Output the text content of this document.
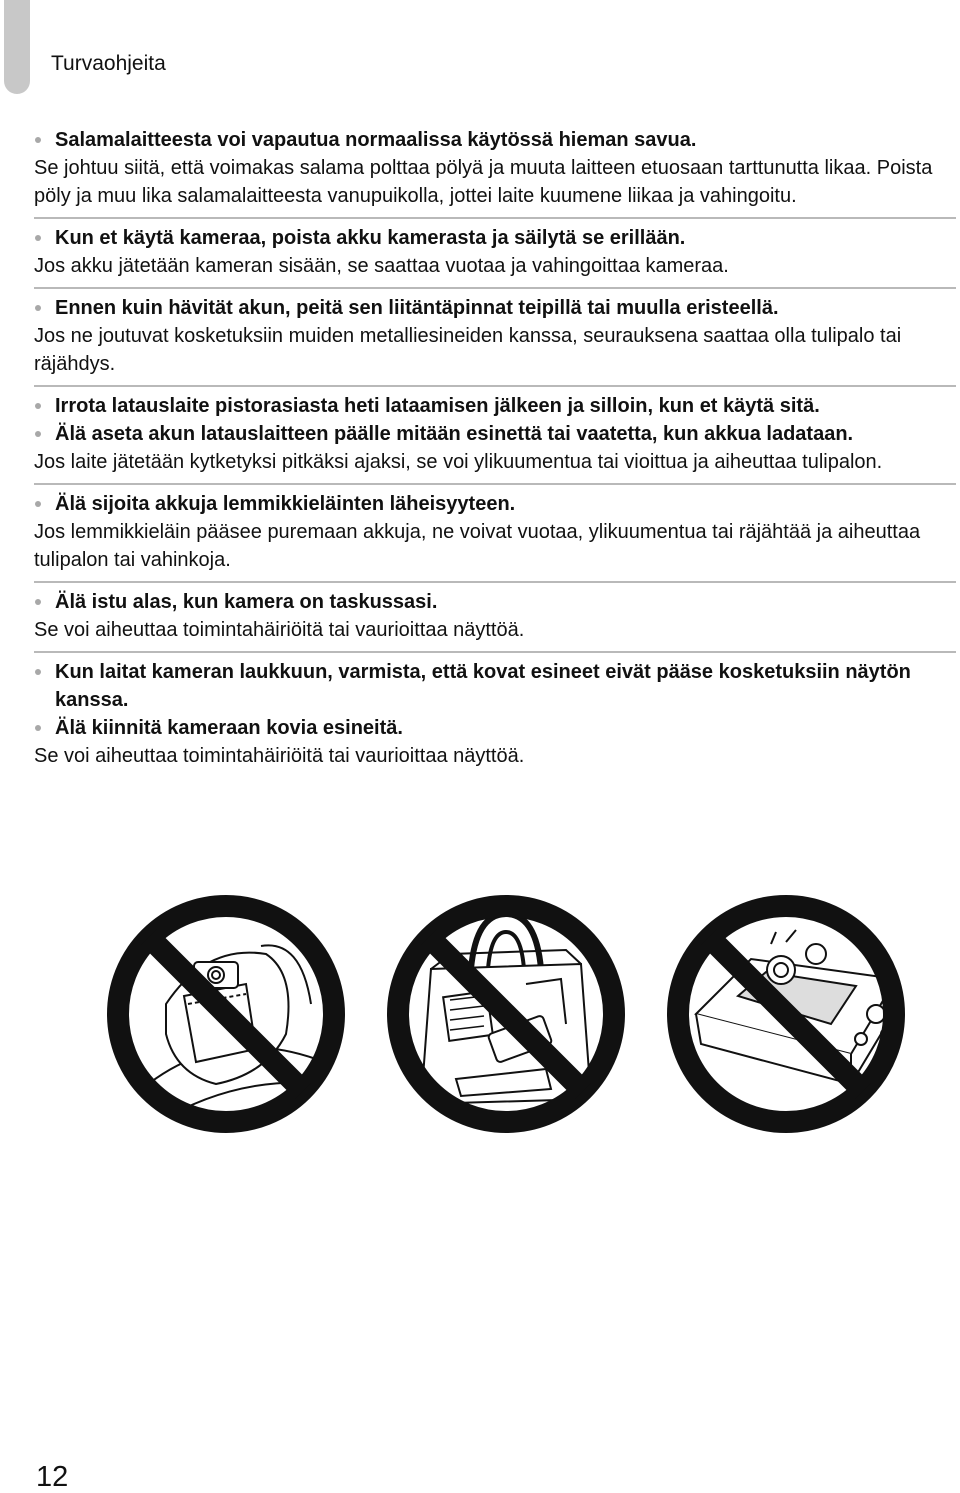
Turvaohjeita
Salamalaitteesta voi vapautua normaalissa käytössä hieman savua.
Se johtuu siitä, että voimakas salama polttaa pölyä ja muuta laitteen etuosaan tarttunutta likaa. Poista pöly ja muu lika salamalaitteesta vanupuikolla, jottei laite kuumene liikaa ja vahingoitu.
Kun et käytä kameraa, poista akku kamerasta ja säilytä se erillään.
Jos akku jätetään kameran sisään, se saattaa vuotaa ja vahingoittaa kameraa.
Ennen kuin hävität akun, peitä sen liitäntäpinnat teipillä tai muulla eristeellä.
Jos ne joutuvat kosketuksiin muiden metalliesineiden kanssa, seurauksena saattaa olla tulipalo tai räjähdys.
Irrota latauslaite pistorasiasta heti lataamisen jälkeen ja silloin, kun et käytä sitä.
Älä aseta akun latauslaitteen päälle mitään esinettä tai vaatetta, kun akkua ladataan.
Jos laite jätetään kytketyksi pitkäksi ajaksi, se voi ylikuumentua tai vioittua ja aiheuttaa tulipalon.
Älä sijoita akkuja lemmikkieläinten läheisyyteen.
Jos lemmikkieläin pääsee puremaan akkuja, ne voivat vuotaa, ylikuumentua tai räjähtää ja aiheuttaa tulipalon tai vahinkoja.
Älä istu alas, kun kamera on taskussasi.
Se voi aiheuttaa toimintahäiriöitä tai vaurioittaa näyttöä.
Kun laitat kameran laukkuun, varmista, että kovat esineet eivät pääse kosketuksiin näytön kanssa.
Älä kiinnitä kameraan kovia esineitä.
Se voi aiheuttaa toimintahäiriöitä tai vaurioittaa näyttöä.
12
